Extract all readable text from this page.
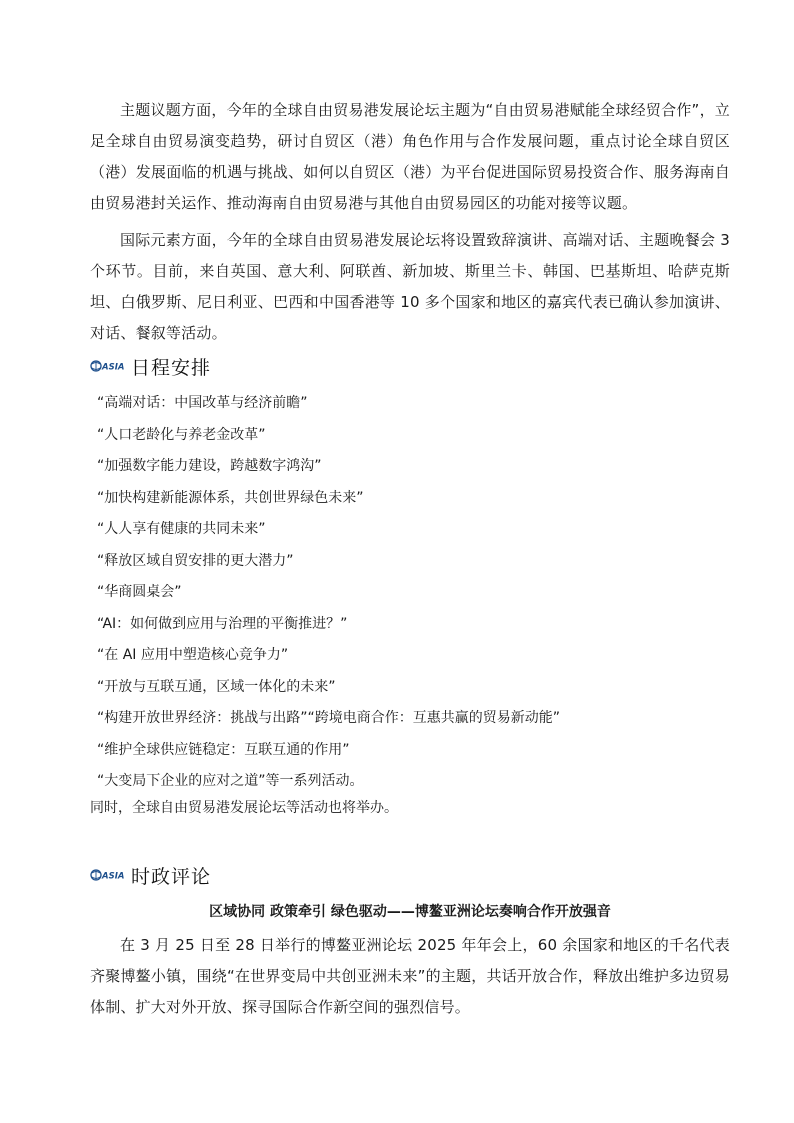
主题议题方面，今年的全球自由贸易港发展论坛主题为“自由贸易港赋能全球经贸合作”，立足全球自由贸易演变趋势，研讨自贸区（港）角色作用与合作发展问题，重点讨论全球自贸区（港）发展面临的机遇与挑战、如何以自贸区（港）为平台促进国际贸易投资合作、服务海南自由贸易港封关运作、推动海南自由贸易港与其他自由贸易园区的功能对接等议题。

国际元素方面，今年的全球自由贸易港发展论坛将设置致辞演讲、高端对话、主题晚餐会 3 个环节。目前，来自英国、意大利、阿联酋、新加坡、斯里兰卡、韩国、巴基斯坦、哈萨克斯坦、白俄罗斯、尼日利亚、巴西和中国香港等 10 多个国家和地区的嘉宾代表已确认参加演讲、对话、餐叙等活动。

ASIA 日程安排
“高端对话：中国改革与经济前瞻”
“人口老龄化与养老金改革”
“加强数字能力建设，跨越数字鸿沟”
“加快构建新能源体系，共创世界绿色未来”
“人人享有健康的共同未来”
“释放区域自贸安排的更大潜力”
“华商圆桌会”
“AI：如何做到应用与治理的平衡推进？”
“在 AI 应用中塑造核心竞争力”
“开放与互联互通，区域一体化的未来”
“构建开放世界经济：挑战与出路”“跨境电商合作：互惠共赢的贸易新动能”
“维护全球供应链稳定：互联互通的作用”
“大变局下企业的应对之道”等一系列活动。
同时，全球自由贸易港发展论坛等活动也将举办。
ASIA 时政评论
区域协同 政策牵引 绿色驱动——博鳌亚洲论坛奏响合作开放强音

在 3 月 25 日至 28 日举行的博鳌亚洲论坛 2025 年年会上，60 余国家和地区的千名代表齐聚博鳌小镇，围绕“在世界变局中共创亚洲未来”的主题，共话开放合作，释放出维护多边贸易体制、扩大对外开放、探寻国际合作新空间的强烈信号。
